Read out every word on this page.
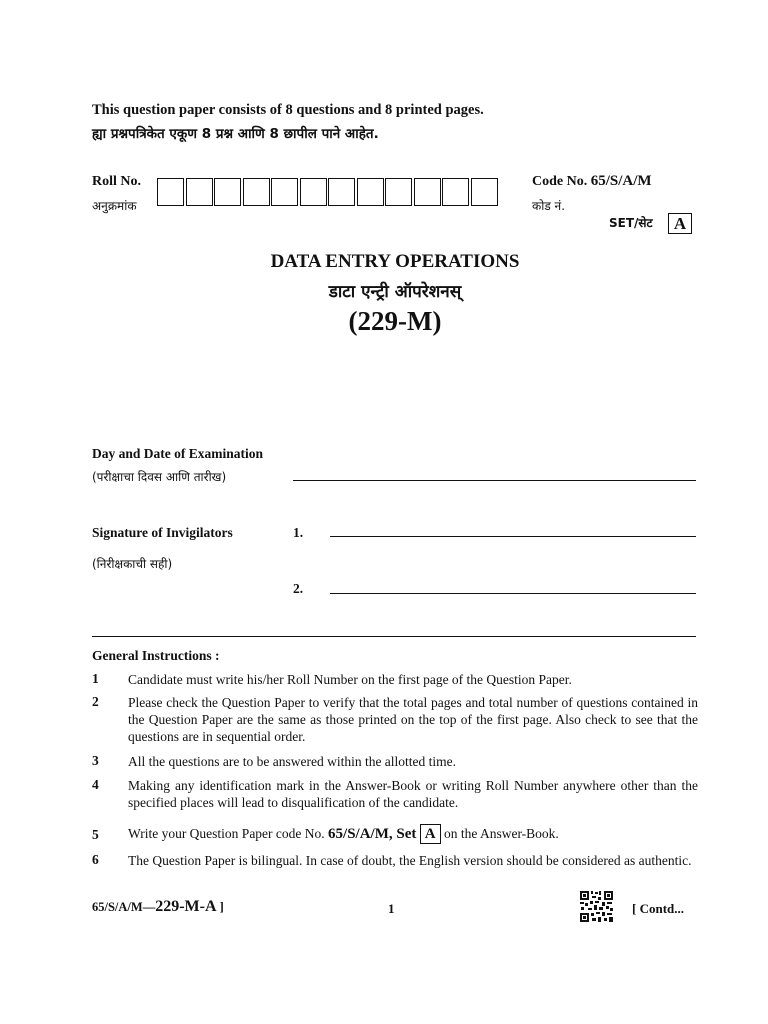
This question paper consists of 8 questions and 8 printed pages.
ह्या प्रश्नपत्रिकेत एकूण 8 प्रश्न आणि 8 छापील पाने आहेत.
Roll No.
अनुक्रमांक
Code No. 65/S/A/M
कोड नं.
SET/सेट	A
DATA ENTRY OPERATIONS
डाटा एन्ट्री ऑपरेशनस्
(229-M)
Day and Date of Examination
(परीक्षाचा दिवस आणि तारीख)
Signature of Invigilators
(निरीक्षकाची सही)
1.
2.
General Instructions :
1 Candidate must write his/her Roll Number on the first page of the Question Paper.
2 Please check the Question Paper to verify that the total pages and total number of questions contained in the Question Paper are the same as those printed on the top of the first page. Also check to see that the questions are in sequential order.
3 All the questions are to be answered within the allotted time.
4 Making any identification mark in the Answer-Book or writing Roll Number anywhere other than the specified places will lead to disqualification of the candidate.
5 Write your Question Paper code No. 65/S/A/M, Set A on the Answer-Book.
6 The Question Paper is bilingual. In case of doubt, the English version should be considered as authentic.
65/S/A/M—229-M-A ]	1	[ Contd...
